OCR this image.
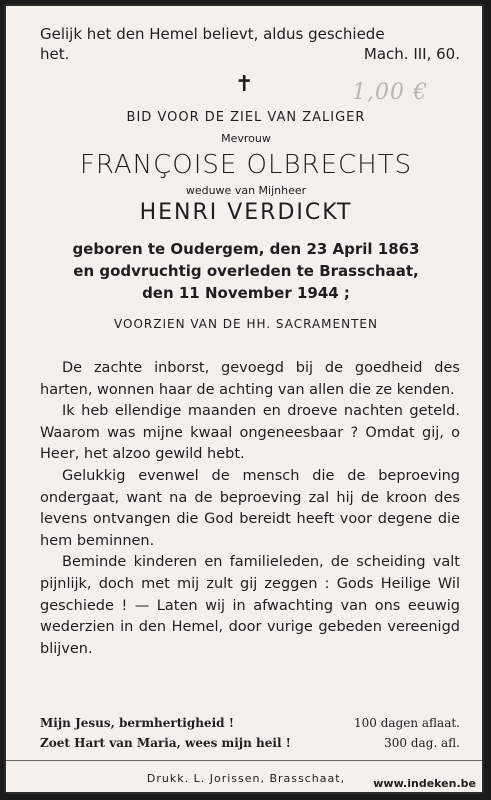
Gelijk het den Hemel believt, aldus geschiede
het.	Mach. III, 60.
✝	1,00 €
BID VOOR DE ZIEL VAN ZALIGER
Mevrouw
FRANÇOISE OLBRECHTS
weduwe van Mijnheer
HENRI VERDICKT
geboren te Oudergem, den 23 April 1863
en godvruchtig overleden te Brasschaat,
den 11 November 1944 ;
VOORZIEN VAN DE HH. SACRAMENTEN

De zachte inborst, gevoegd bij de goedheid des harten, wonnen haar de achting van allen die ze kenden.

Ik heb ellendige maanden en droeve nachten geteld. Waarom was mijne kwaal ongeneesbaar ? Omdat gij, o Heer, het alzoo gewild hebt.

Gelukkig evenwel de mensch die de beproeving ondergaat, want na de beproeving zal hij de kroon des levens ontvangen die God bereidt heeft voor degene die hem beminnen.

Beminde kinderen en familieleden, de scheiding valt pijnlijk, doch met mij zult gij zeggen : Gods Heilige Wil geschiede ! — Laten wij in afwachting van ons eeuwig wederzien in den Hemel, door vurige gebeden vereenigd blijven.

Mijn Jesus, bermhertigheid !	100 dagen aflaat.
Zoet Hart van Maria, wees mijn heil !	300 dag. afl.
Drukk. L. Jorissen, Brasschaat,	www.indeken.be
